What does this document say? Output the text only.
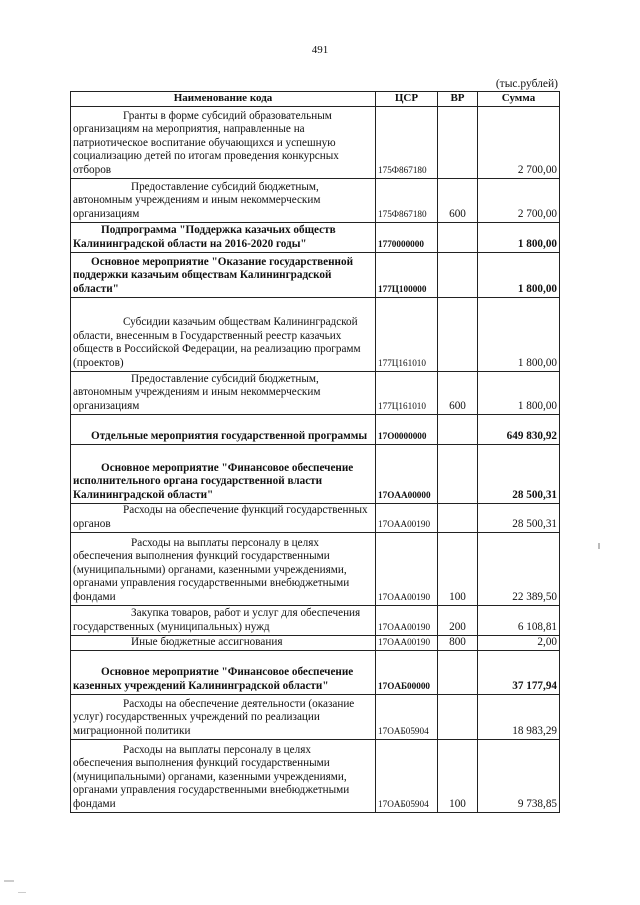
491
(тыс.рублей)
Наименование кода	ЦСР	ВР	Сумма

Гранты в форме субсидий образовательным организациям на мероприятия, направленные на патриотическое воспитание обучающихся и успешную социализацию детей по итогам проведения конкурсных отборов	175Ф867180		2 700,00

Предоставление субсидий бюджетным, автономным учреждениям и иным некоммерческим организациям	175Ф867180	600	2 700,00

Подпрограмма "Поддержка казачьих обществ Калининградской области на 2016-2020 годы"	1770000000		1 800,00

Основное мероприятие "Оказание государственной поддержки казачьим обществам Калининградской области"	177Ц100000		1 800,00

Субсидии казачьим обществам Калининградской области, внесенным в Государственный реестр казачьих обществ в Российской Федерации, на реализацию программ (проектов)	177Ц161010		1 800,00

Предоставление субсидий бюджетным, автономным учреждениям и иным некоммерческим организациям	177Ц161010	600	1 800,00

Отдельные мероприятия государственной программы	17O0000000		649 830,92

Основное мероприятие "Финансовое обеспечение исполнительного органа государственной власти Калининградской области"	17OAA00000		28 500,31

Расходы на обеспечение функций государственных органов	17OAA00190		28 500,31

Расходы на выплаты персоналу в целях обеспечения выполнения функций государственными (муниципальными) органами, казенными учреждениями, органами управления государственными внебюджетными фондами	17OAA00190	100	22 389,50

Закупка товаров, работ и услуг для обеспечения государственных (муниципальных) нужд	17OAA00190	200	6 108,81

Иные бюджетные ассигнования	17OAA00190	800	2,00

Основное мероприятие "Финансовое обеспечение казенных учреждений Калининградской области"	17OAБ00000		37 177,94

Расходы на обеспечение деятельности (оказание услуг) государственных учреждений по реализации миграционной политики	17OAБ05904		18 983,29

Расходы на выплаты персоналу в целях обеспечения выполнения функций государственными (муниципальными) органами, казенными учреждениями, органами управления государственными внебюджетными фондами	17OAБ05904	100	9 738,85
